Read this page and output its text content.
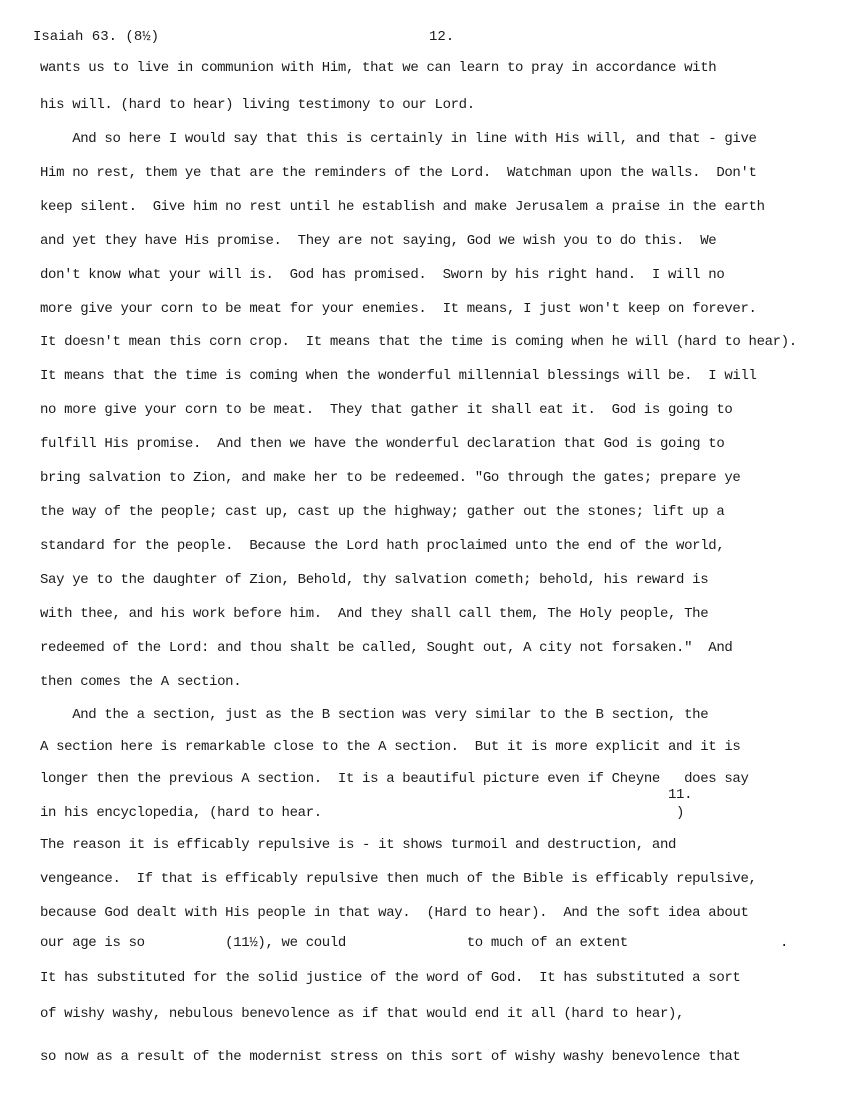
Isaiah 63. (8½)	12.
wants us to live in communion with Him, that we can learn to pray in accordance with
his will. (hard to hear) living testimony to our Lord.
And so here I would say that this is certainly in line with His will, and that - give
Him no rest, them ye that are the reminders of the Lord.  Watchman upon the walls.  Don't
keep silent.  Give him no rest until he establish and make Jerusalem a praise in the earth
and yet they have His promise.  They are not saying, God we wish you to do this.  We
don't know what your will is.  God has promised.  Sworn by his right hand.  I will no
more give your corn to be meat for your enemies.  It means, I just won't keep on forever.
It doesn't mean this corn crop.  It means that the time is coming when he will (hard to hear).
It means that the time is coming when the wonderful millennial blessings will be.  I will
no more give your corn to be meat.  They that gather it shall eat it.  God is going to
fulfill His promise.  And then we have the wonderful declaration that God is going to
bring salvation to Zion, and make her to be redeemed. "Go through the gates; prepare ye
the way of the people; cast up, cast up the highway; gather out the stones; lift up a
standard for the people.  Because the Lord hath proclaimed unto the end of the world,
Say ye to the daughter of Zion, Behold, thy salvation cometh; behold, his reward is
with thee, and his work before him.  And they shall call them, The Holy people, The
redeemed of the Lord: and thou shalt be called, Sought out, A city not forsaken."  And
then comes the A section.
And the a section, just as the B section was very similar to the B section, the
A section here is remarkable close to the A section.  But it is more explicit and it is
longer then the previous A section.  It is a beautiful picture even if Cheyne   does say
11.
in his encyclopedia, (hard to hear.                                            )
The reason it is efficably repulsive is - it shows turmoil and destruction, and
vengeance.  If that is efficably repulsive then much of the Bible is efficably repulsive,
because God dealt with His people in that way.  (Hard to hear).  And the soft idea about
our age is so          (11½), we could               to much of an extent	.
It has substituted for the solid justice of the word of God.  It has substituted a sort
of wishy washy, nebulous benevolence as if that would end it all (hard to hear),
so now as a result of the modernist stress on this sort of wishy washy benevolence that
